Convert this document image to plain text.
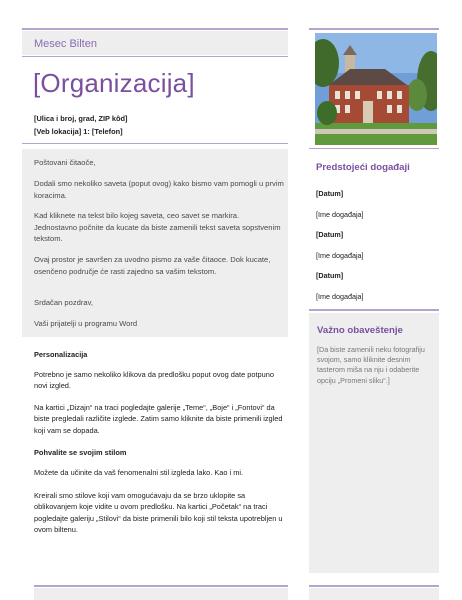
Mesec Bilten
[Organizacija]
[Ulica i broj, grad, ZIP kôd]
[Veb lokacija] 1: [Telefon]

Poštovani čitaoče,

Dodali smo nekoliko saveta (poput ovog) kako bismo vam pomogli u prvim koracima.

Kad kliknete na tekst bilo kojeg saveta, ceo savet se markira. Jednostavno počnite da kucate da biste zamenili tekst saveta sopstvenim tekstom.

Ovaj prostor je savršen za uvodno pismo za vaše čitaoce. Dok kucate, osenčeno područje će rasti zajedno sa vašim tekstom.

Srdačan pozdrav,

Vaši prijatelji u programu Word

Personalizacija

Potrebno je samo nekoliko klikova da predlošku poput ovog date potpuno novi izgled.

Na kartici „Dizajn“ na traci pogledajte galerije „Teme“, „Boje“ i „Fontovi“ da biste pregledali različite izglede. Zatim samo kliknite da biste primenili izgled koji vam se dopada.

Pohvalite se svojim stilom

Možete da učinite da vaš fenomenalni stil izgleda lako. Kao i mi.

Kreirali smo stilove koji vam omogućavaju da se brzo uklopite sa oblikovanjem koje vidite u ovom predlošku. Na kartici „Početak“ na traci pogledajte galeriju „Stilovi“ da biste primenili bilo koji stil teksta upotrebljen u ovom biltenu.

Predstojeći događaji
[Datum]
[Ime događaja]
[Datum]
[Ime događaja]
[Datum]
[Ime događaja]
Važno obaveštenje
[Da biste zamenili neku fotografiju svojom, samo kliknite desnim tasterom miša na nju i odaberite opciju „Promeni sliku“.]
